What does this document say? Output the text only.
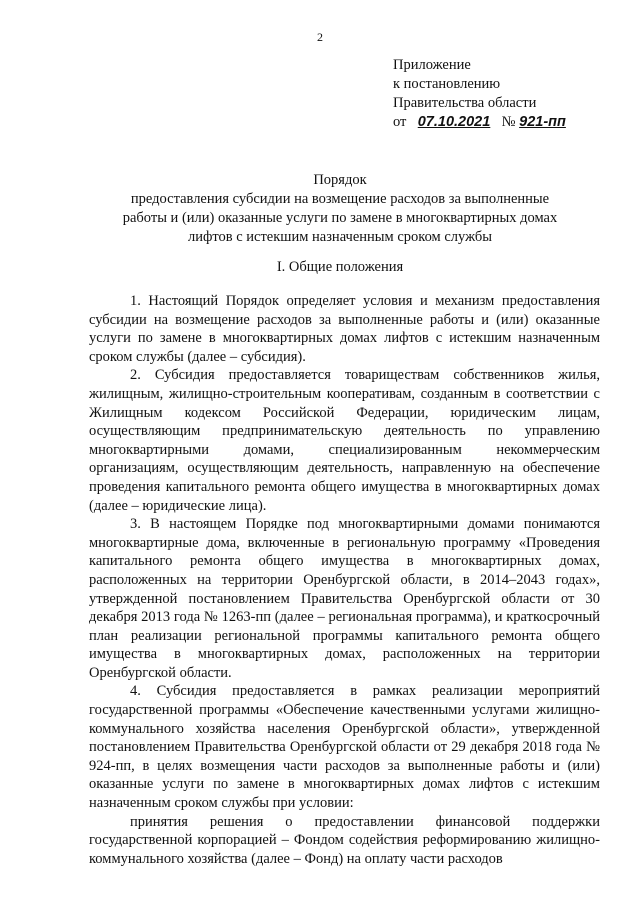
2
Приложение
к постановлению
Правительства области
от 07.10.2021 № 921-пп
Порядок
предоставления субсидии на возмещение расходов за выполненные
работы и (или) оказанные услуги по замене в многоквартирных домах
лифтов с истекшим назначенным сроком службы
I. Общие положения

1. Настоящий Порядок определяет условия и механизм предоставления субсидии на возмещение расходов за выполненные работы и (или) оказанные услуги по замене в многоквартирных домах лифтов с истекшим назначенным сроком службы (далее – субсидия).

2. Субсидия предоставляется товариществам собственников жилья, жилищным, жилищно-строительным кооперативам, созданным в соответствии с Жилищным кодексом Российской Федерации, юридическим лицам, осуществляющим предпринимательскую деятельность по управлению многоквартирными домами, специализированным некоммерческим организациям, осуществляющим деятельность, направленную на обеспечение проведения капитального ремонта общего имущества в многоквартирных домах (далее – юридические лица).

3. В настоящем Порядке под многоквартирными домами понимаются многоквартирные дома, включенные в региональную программу «Проведения капитального ремонта общего имущества в многоквартирных домах, расположенных на территории Оренбургской области, в 2014–2043 годах», утвержденной постановлением Правительства Оренбургской области от 30 декабря 2013 года № 1263-пп (далее – региональная программа), и краткосрочный план реализации региональной программы капитального ремонта общего имущества в многоквартирных домах, расположенных на территории Оренбургской области.

4. Субсидия предоставляется в рамках реализации мероприятий государственной программы «Обеспечение качественными услугами жилищно-коммунального хозяйства населения Оренбургской области», утвержденной постановлением Правительства Оренбургской области от 29 декабря 2018 года № 924-пп, в целях возмещения части расходов за выполненные работы и (или) оказанные услуги по замене в многоквартирных домах лифтов с истекшим назначенным сроком службы при условии:

принятия решения о предоставлении финансовой поддержки государственной корпорацией – Фондом содействия реформированию жилищно-коммунального хозяйства (далее – Фонд) на оплату части расходов
